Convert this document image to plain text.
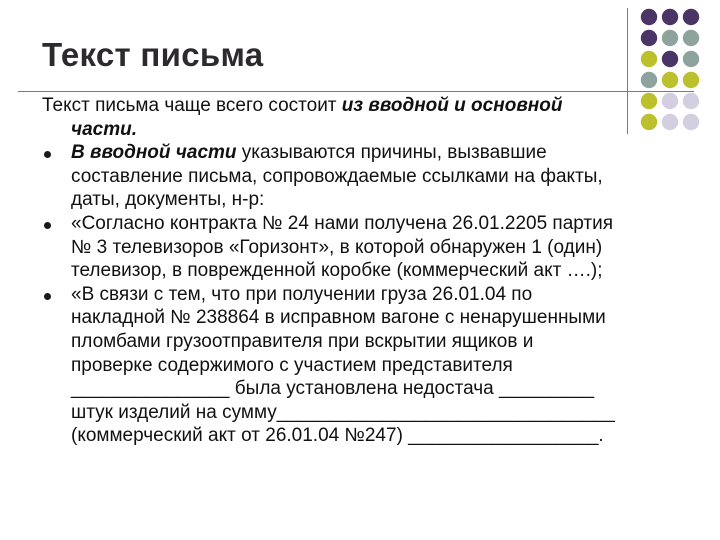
Текст письма
Текст письма чаще всего состоит из вводной и основной
части.
В вводной части указываются причины, вызвавшие
составление письма, сопровождаемые ссылками на факты,
даты, документы, н-р:
«Согласно контракта № 24 нами получена 26.01.2205 партия
№ 3 телевизоров «Горизонт», в которой обнаружен 1 (один)
телевизор, в поврежденной коробке (коммерческий акт ….);
«В связи с тем, что при получении груза 26.01.04 по
накладной № 238864 в исправном вагоне с ненарушенными
пломбами грузоотправителя при вскрытии ящиков и
проверке содержимого с участием представителя
_______________ была установлена недостача _________
штук изделий на сумму________________________________
(коммерческий акт от 26.01.04 №247) __________________.
